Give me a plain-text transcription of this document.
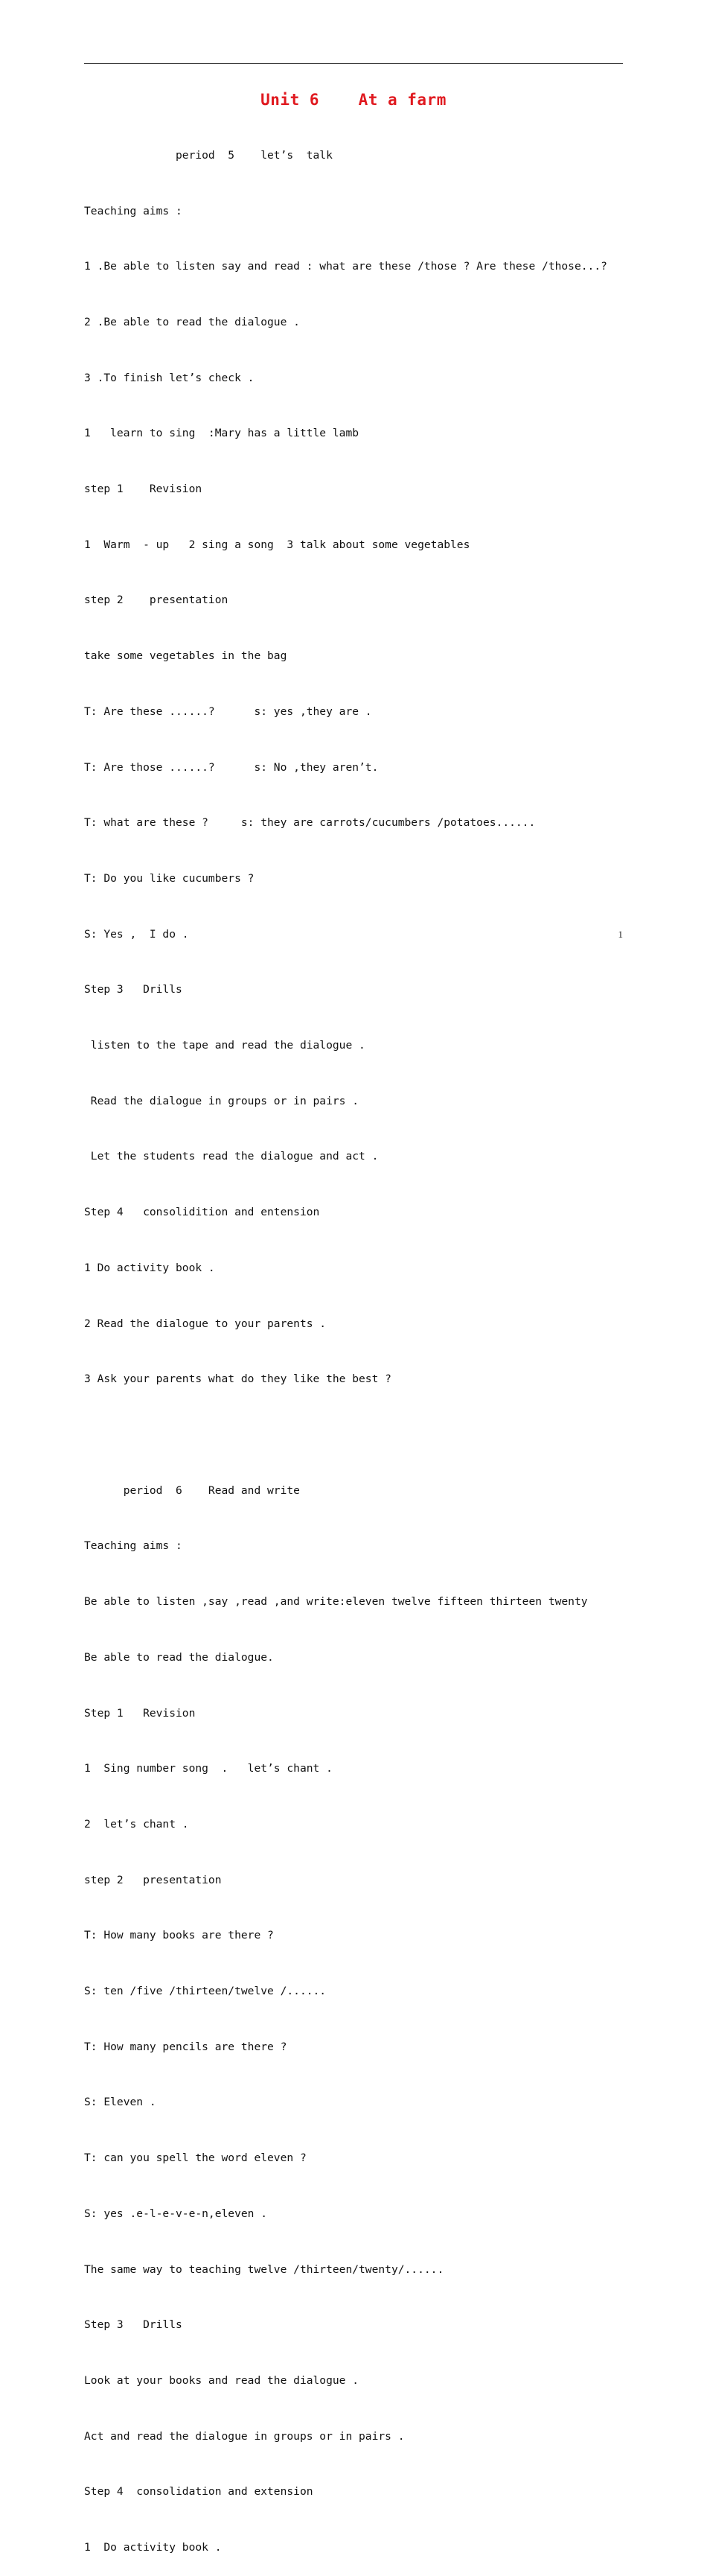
Unit 6    At a farm

period  5    let’s  talk

Teaching aims :

1 .Be able to listen say and read : what are these /those ? Are these /those...?

2 .Be able to read the dialogue .

3 .To finish let’s check .

1   learn to sing  :Mary has a little lamb

step 1    Revision

1  Warm  - up   2 sing a song  3 talk about some vegetables

step 2    presentation

take some vegetables in the bag

T: Are these ......?      s: yes ,they are .

T: Are those ......?      s: No ,they aren’t.

T: what are these ?     s: they are carrots/cucumbers /potatoes......

T: Do you like cucumbers ?

S: Yes ,  I do .

Step 3   Drills

listen to the tape and read the dialogue .

Read the dialogue in groups or in pairs .

Let the students read the dialogue and act .

Step 4   consolidition and entension

1 Do activity book .

2 Read the dialogue to your parents .

3 Ask your parents what do they like the best ?

period  6    Read and write

Teaching aims :

Be able to listen ,say ,read ,and write:eleven twelve fifteen thirteen twenty

Be able to read the dialogue.

Step 1   Revision

1  Sing number song  .   let’s chant .

2  let’s chant .

step 2   presentation

T: How many books are there ?

S: ten /five /thirteen/twelve /......

T: How many pencils are there ?

S: Eleven .

T: can you spell the word eleven ?

S: yes .e-l-e-v-e-n,eleven .

The same way to teaching twelve /thirteen/twenty/......

Step 3   Drills

Look at your books and read the dialogue .

Act and read the dialogue in groups or in pairs .

Step 4  consolidation and extension

1  Do activity book .

1
